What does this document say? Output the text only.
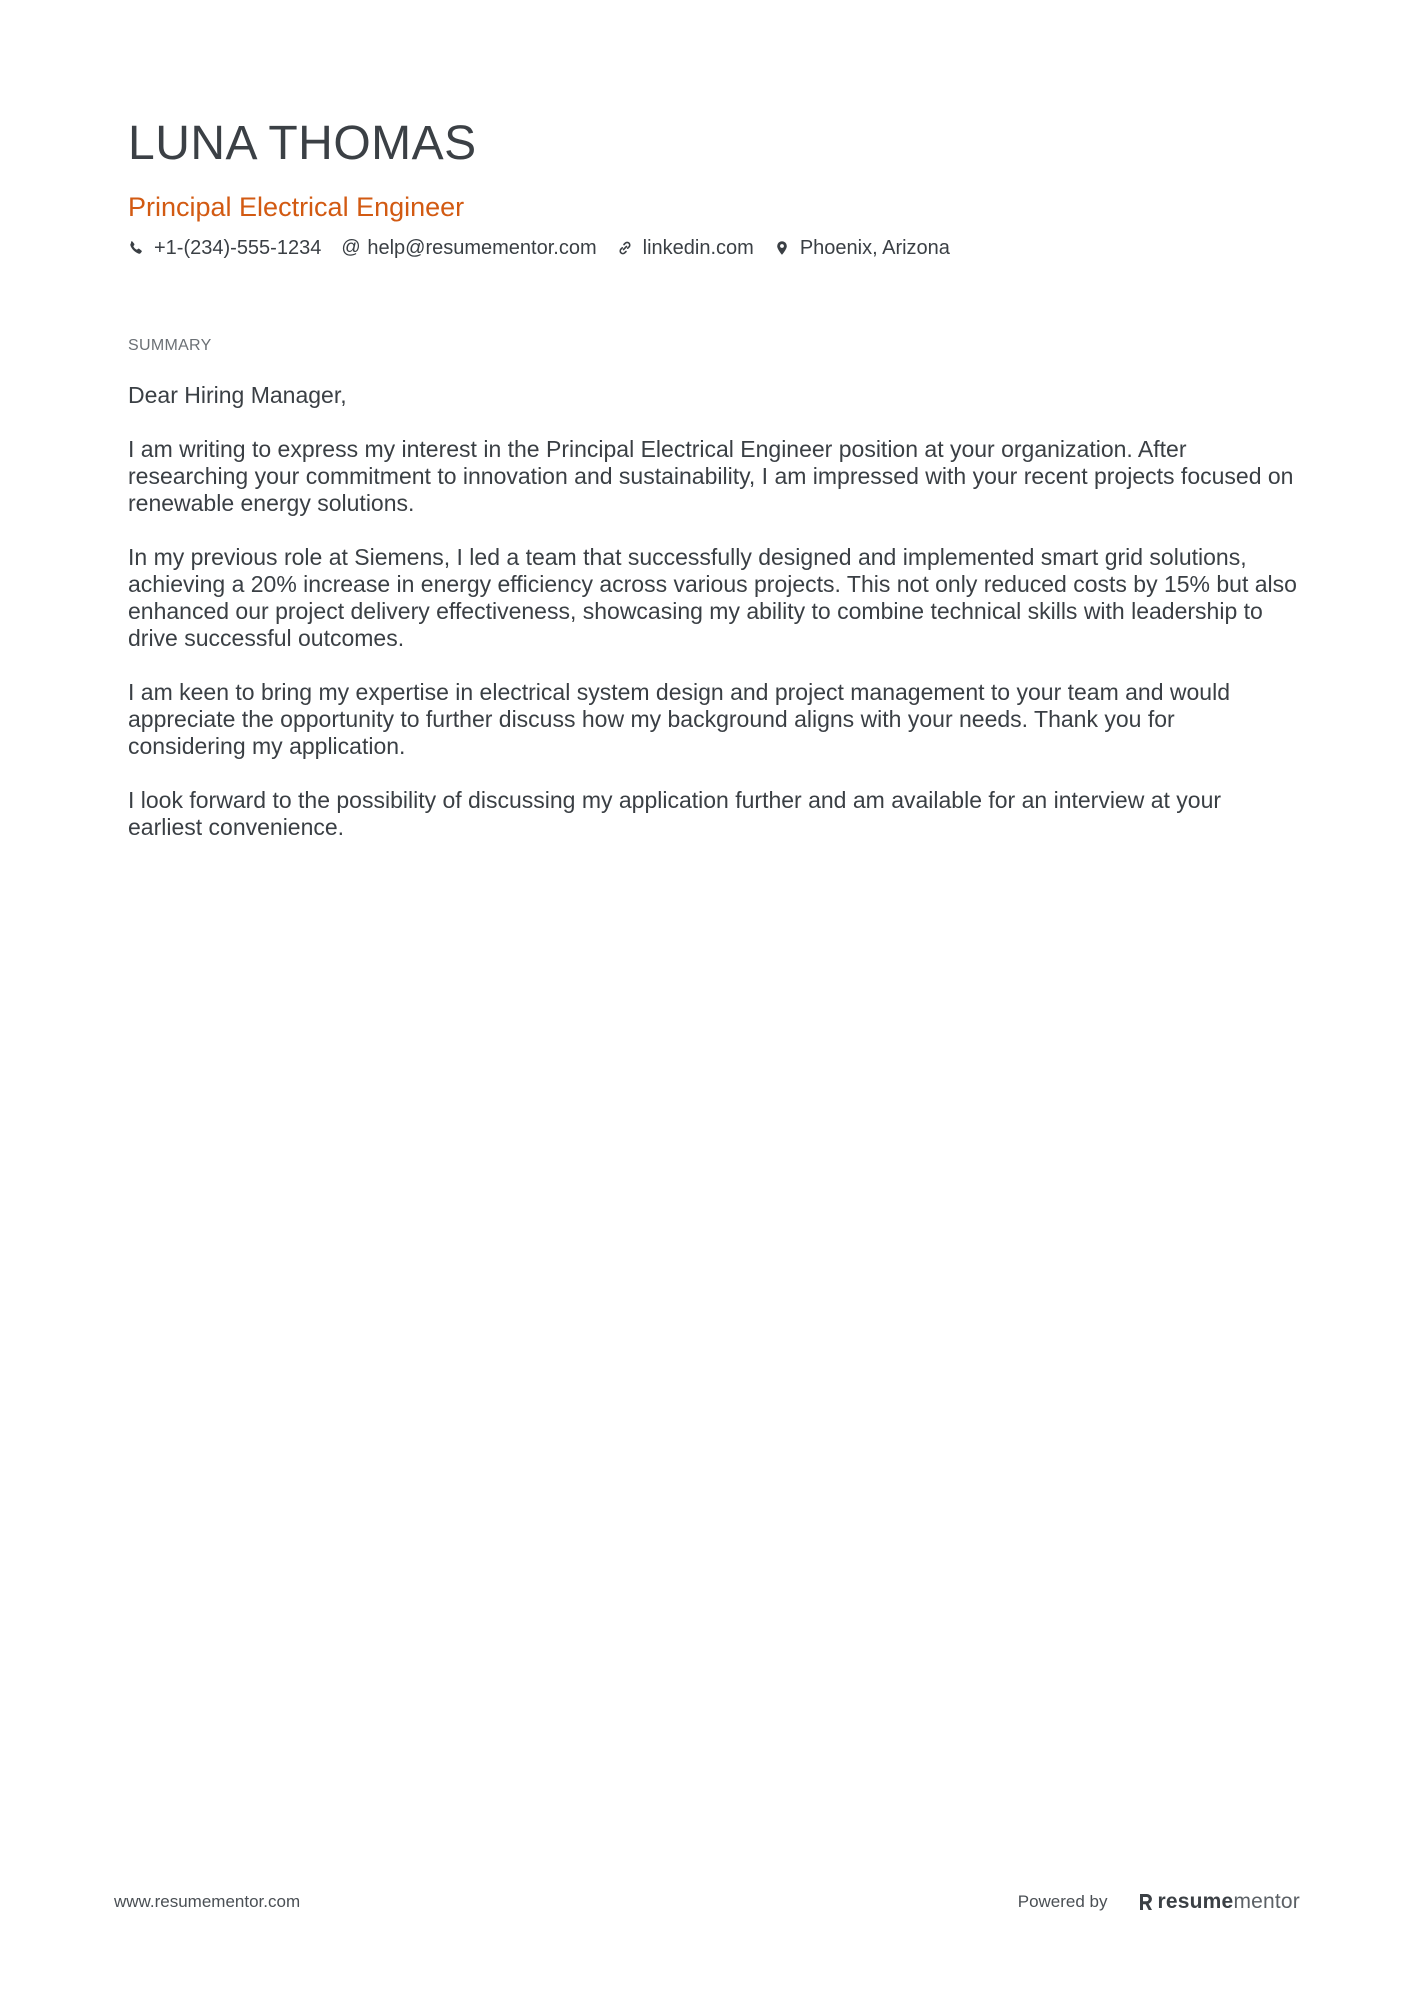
LUNA THOMAS
Principal Electrical Engineer
+1-(234)-555-1234 @ help@resumementor.com linkedin.com Phoenix, Arizona
SUMMARY

Dear Hiring Manager,

I am writing to express my interest in the Principal Electrical Engineer position at your organization. After researching your commitment to innovation and sustainability, I am impressed with your recent projects focused on renewable energy solutions.

In my previous role at Siemens, I led a team that successfully designed and implemented smart grid solutions, achieving a 20% increase in energy efficiency across various projects. This not only reduced costs by 15% but also enhanced our project delivery effectiveness, showcasing my ability to combine technical skills with leadership to drive successful outcomes.

I am keen to bring my expertise in electrical system design and project management to your team and would appreciate the opportunity to further discuss how my background aligns with your needs. Thank you for considering my application.

I look forward to the possibility of discussing my application further and am available for an interview at your earliest convenience.

www.resumementor.com	Powered by resume mentor
